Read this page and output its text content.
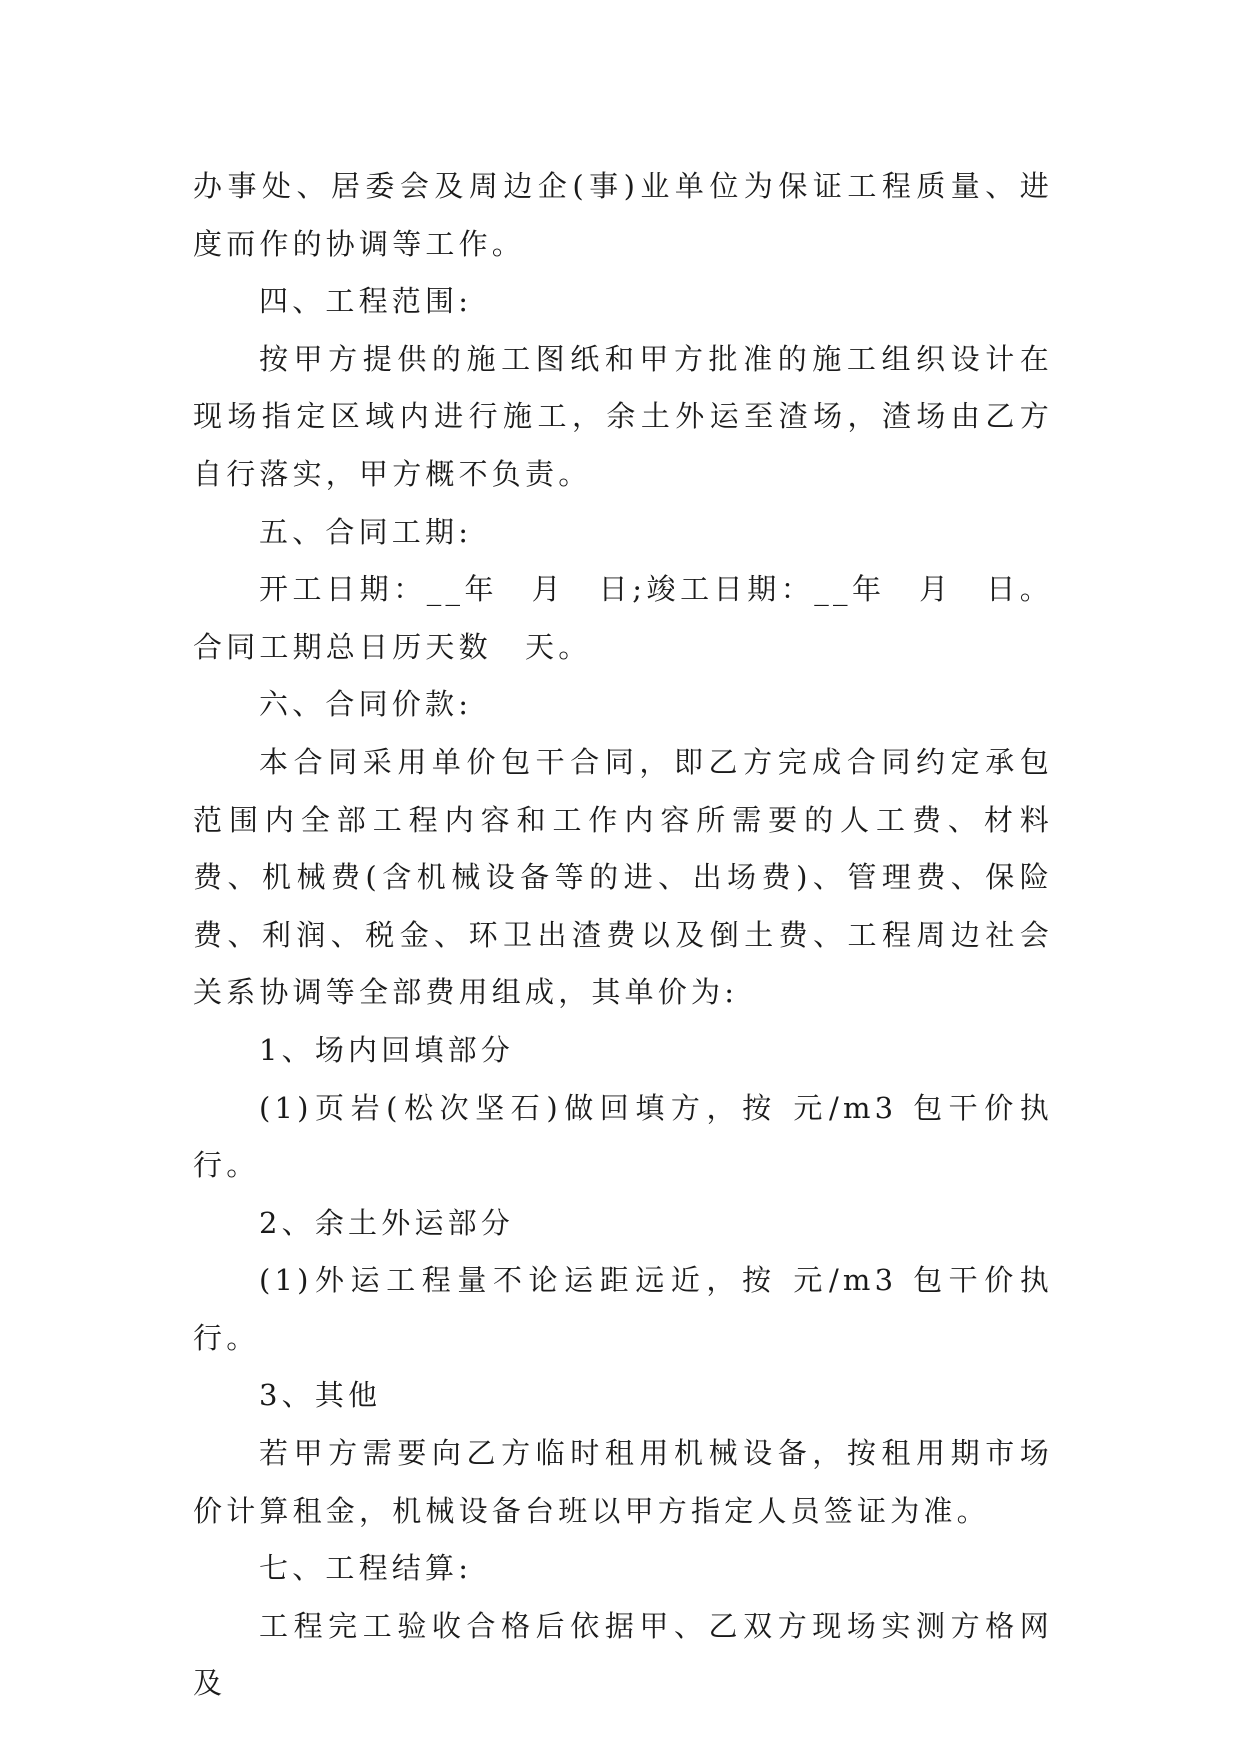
办事处、居委会及周边企(事)业单位为保证工程质量、进度而作的协调等工作。

四、工程范围:

按甲方提供的施工图纸和甲方批准的施工组织设计在现场指定区域内进行施工，余土外运至渣场，渣场由乙方自行落实，甲方概不负责。

五、合同工期:

开工日期：__年　月　日;竣工日期：__年　月　日。合同工期总日历天数　天。

六、合同价款:

本合同采用单价包干合同，即乙方完成合同约定承包范围内全部工程内容和工作内容所需要的人工费、材料费、机械费(含机械设备等的进、出场费)、管理费、保险费、利润、税金、环卫出渣费以及倒土费、工程周边社会关系协调等全部费用组成，其单价为:

1、场内回填部分

(1)页岩(松次坚石)做回填方，按 元/m3 包干价执行。

2、余土外运部分

(1)外运工程量不论运距远近，按 元/m3 包干价执行。

3、其他

若甲方需要向乙方临时租用机械设备，按租用期市场价计算租金，机械设备台班以甲方指定人员签证为准。

七、工程结算:

工程完工验收合格后依据甲、乙双方现场实测方格网及
